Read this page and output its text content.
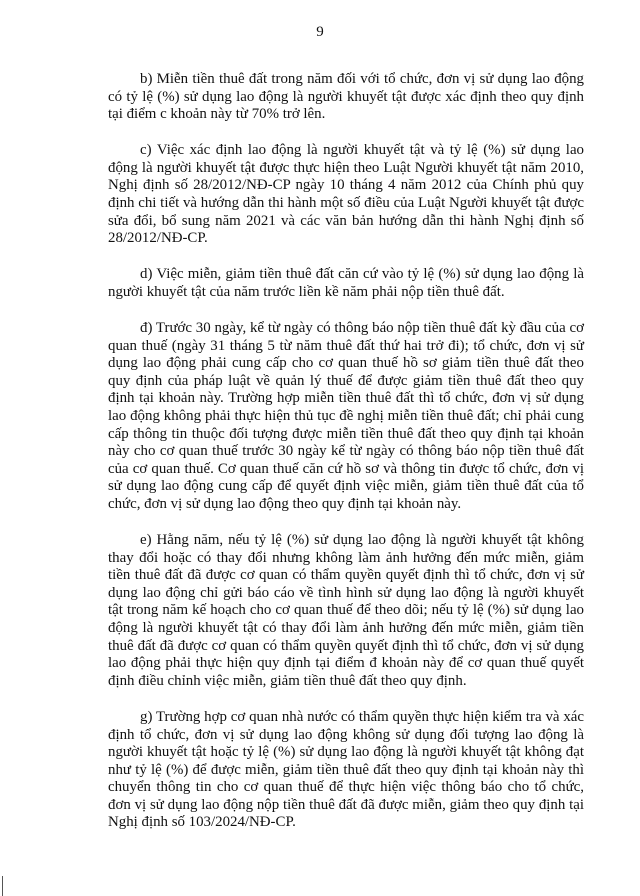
9

b) Miễn tiền thuê đất trong năm đối với tổ chức, đơn vị sử dụng lao động có tỷ lệ (%) sử dụng lao động là người khuyết tật được xác định theo quy định tại điểm c khoản này từ 70% trở lên.

c) Việc xác định lao động là người khuyết tật và tỷ lệ (%) sử dụng lao động là người khuyết tật được thực hiện theo Luật Người khuyết tật năm 2010, Nghị định số 28/2012/NĐ-CP ngày 10 tháng 4 năm 2012 của Chính phủ quy định chi tiết và hướng dẫn thi hành một số điều của Luật Người khuyết tật được sửa đổi, bổ sung năm 2021 và các văn bản hướng dẫn thi hành Nghị định số 28/2012/NĐ-CP.

d) Việc miễn, giảm tiền thuê đất căn cứ vào tỷ lệ (%) sử dụng lao động là người khuyết tật của năm trước liền kề năm phải nộp tiền thuê đất.

đ) Trước 30 ngày, kể từ ngày có thông báo nộp tiền thuê đất kỳ đầu của cơ quan thuế (ngày 31 tháng 5 từ năm thuê đất thứ hai trở đi); tổ chức, đơn vị sử dụng lao động phải cung cấp cho cơ quan thuế hồ sơ giảm tiền thuê đất theo quy định của pháp luật về quản lý thuế để được giảm tiền thuê đất theo quy định tại khoản này. Trường hợp miễn tiền thuê đất thì tổ chức, đơn vị sử dụng lao động không phải thực hiện thủ tục đề nghị miễn tiền thuê đất; chỉ phải cung cấp thông tin thuộc đối tượng được miễn tiền thuê đất theo quy định tại khoản này cho cơ quan thuế trước 30 ngày kể từ ngày có thông báo nộp tiền thuê đất của cơ quan thuế. Cơ quan thuế căn cứ hồ sơ và thông tin được tổ chức, đơn vị sử dụng lao động cung cấp để quyết định việc miễn, giảm tiền thuê đất của tổ chức, đơn vị sử dụng lao động theo quy định tại khoản này.

e) Hằng năm, nếu tỷ lệ (%) sử dụng lao động là người khuyết tật không thay đổi hoặc có thay đổi nhưng không làm ảnh hưởng đến mức miễn, giảm tiền thuê đất đã được cơ quan có thẩm quyền quyết định thì tổ chức, đơn vị sử dụng lao động chỉ gửi báo cáo về tình hình sử dụng lao động là người khuyết tật trong năm kế hoạch cho cơ quan thuế để theo dõi; nếu tỷ lệ (%) sử dụng lao động là người khuyết tật có thay đổi làm ảnh hưởng đến mức miễn, giảm tiền thuê đất đã được cơ quan có thẩm quyền quyết định thì tổ chức, đơn vị sử dụng lao động phải thực hiện quy định tại điểm đ khoản này để cơ quan thuế quyết định điều chỉnh việc miễn, giảm tiền thuê đất theo quy định.

g) Trường hợp cơ quan nhà nước có thẩm quyền thực hiện kiểm tra và xác định tổ chức, đơn vị sử dụng lao động không sử dụng đối tượng lao động là người khuyết tật hoặc tỷ lệ (%) sử dụng lao động là người khuyết tật không đạt như tỷ lệ (%) để được miễn, giảm tiền thuê đất theo quy định tại khoản này thì chuyển thông tin cho cơ quan thuế để thực hiện việc thông báo cho tổ chức, đơn vị sử dụng lao động nộp tiền thuê đất đã được miễn, giảm theo quy định tại Nghị định số 103/2024/NĐ-CP.
